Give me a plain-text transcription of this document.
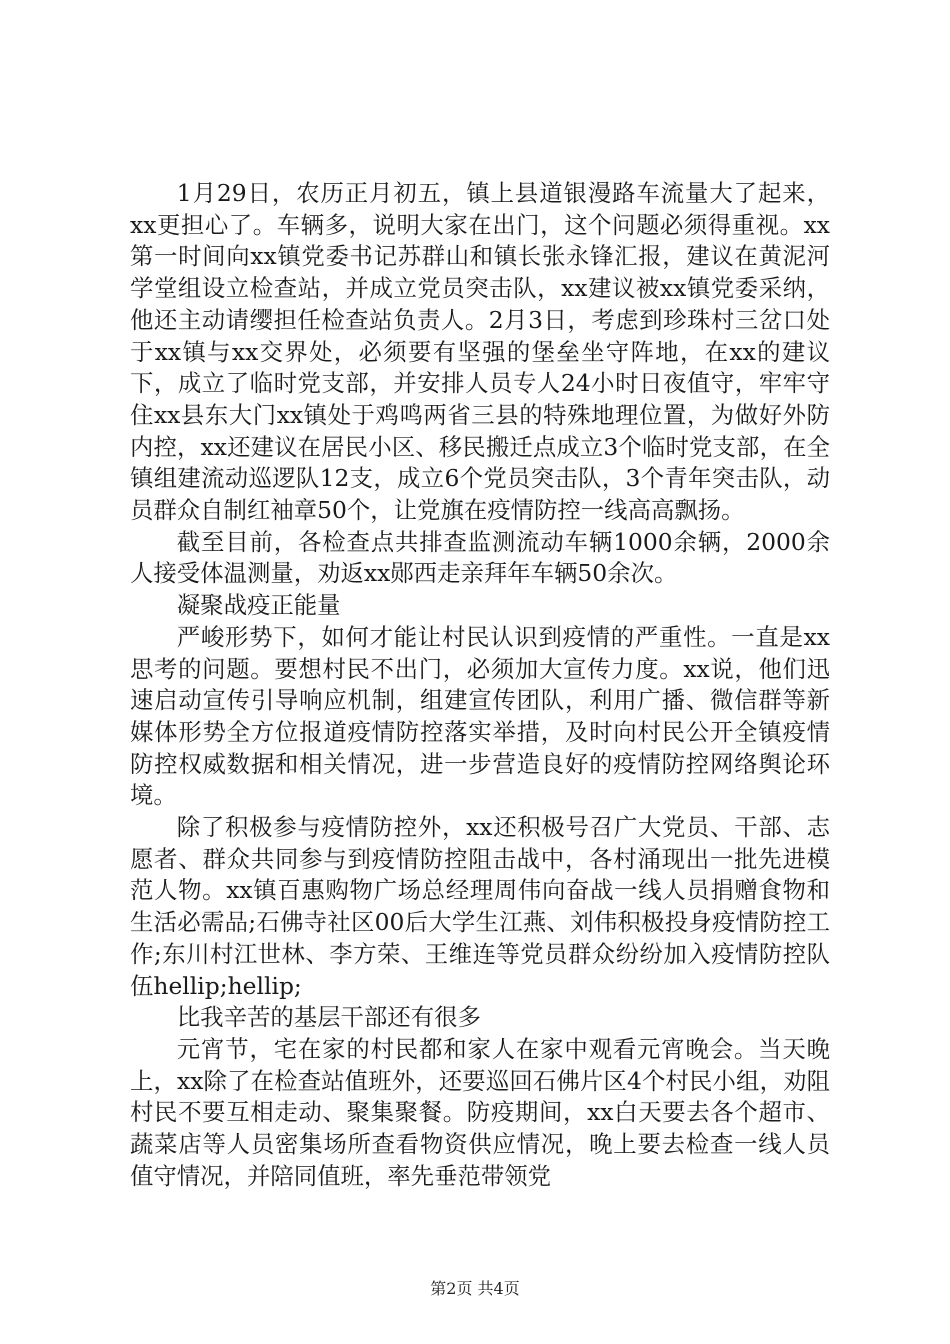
1月29日，农历正月初五，镇上县道银漫路车流量大了起来，xx更担心了。车辆多，说明大家在出门，这个问题必须得重视。xx第一时间向xx镇党委书记苏群山和镇长张永锋汇报，建议在黄泥河学堂组设立检查站，并成立党员突击队，xx建议被xx镇党委采纳，他还主动请缨担任检查站负责人。2月3日，考虑到珍珠村三岔口处于xx镇与xx交界处，必须要有坚强的堡垒坐守阵地，在xx的建议下，成立了临时党支部，并安排人员专人24小时日夜值守，牢牢守住xx县东大门xx镇处于鸡鸣两省三县的特殊地理位置，为做好外防内控，xx还建议在居民小区、移民搬迁点成立3个临时党支部，在全镇组建流动巡逻队12支，成立6个党员突击队，3个青年突击队，动员群众自制红袖章50个，让党旗在疫情防控一线高高飘扬。

截至目前，各检查点共排查监测流动车辆1000余辆，2000余人接受体温测量，劝返xx郧西走亲拜年车辆50余次。

凝聚战疫正能量

严峻形势下，如何才能让村民认识到疫情的严重性。一直是xx思考的问题。要想村民不出门，必须加大宣传力度。xx说，他们迅速启动宣传引导响应机制，组建宣传团队，利用广播、微信群等新媒体形势全方位报道疫情防控落实举措，及时向村民公开全镇疫情防控权威数据和相关情况，进一步营造良好的疫情防控网络舆论环境。

除了积极参与疫情防控外，xx还积极号召广大党员、干部、志愿者、群众共同参与到疫情防控阻击战中，各村涌现出一批先进模范人物。xx镇百惠购物广场总经理周伟向奋战一线人员捐赠食物和生活必需品;石佛寺社区00后大学生江燕、刘伟积极投身疫情防控工作;东川村江世林、李方荣、王维连等党员群众纷纷加入疫情防控队伍hellip;hellip;

比我辛苦的基层干部还有很多

元宵节，宅在家的村民都和家人在家中观看元宵晚会。当天晚上，xx除了在检查站值班外，还要巡回石佛片区4个村民小组，劝阻村民不要互相走动、聚集聚餐。防疫期间，xx白天要去各个超市、蔬菜店等人员密集场所查看物资供应情况，晚上要去检查一线人员值守情况，并陪同值班，率先垂范带领党

第2页 共4页
